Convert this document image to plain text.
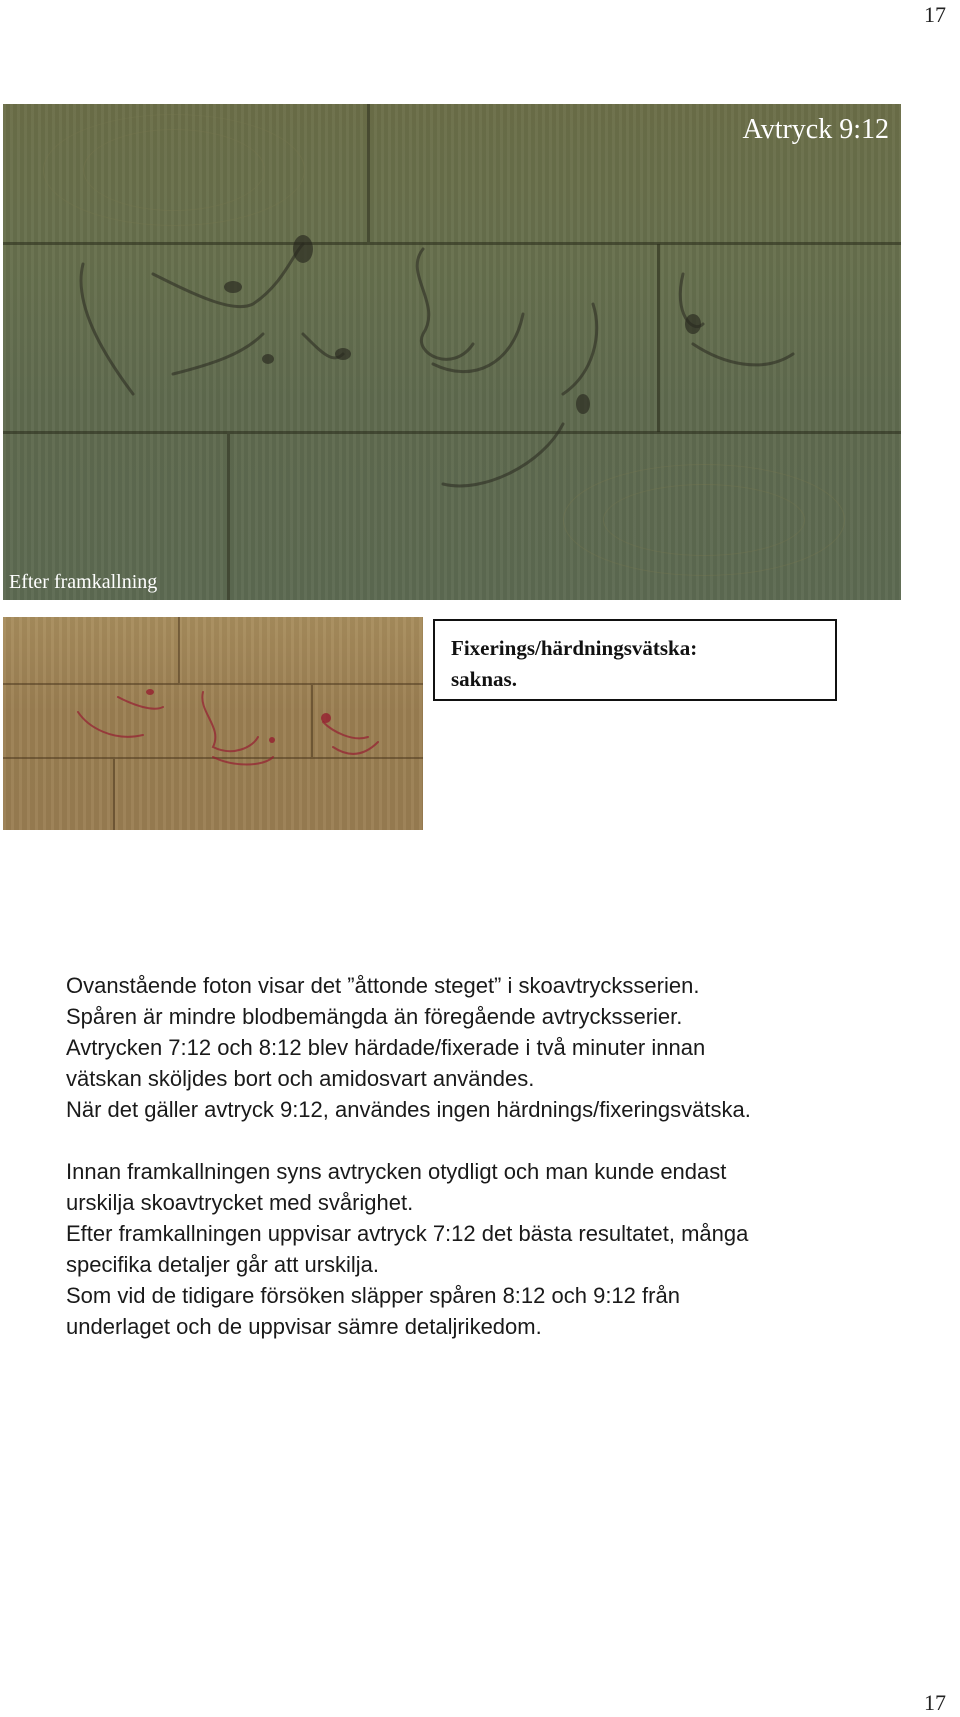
17
Avtryck 9:12
Efter framkallning
Fixerings/härdningsvätska:
saknas.

Ovanstående foton visar det ”åttonde steget” i skoavtrycksserien.

Spåren är mindre blodbemängda än föregående avtrycksserier.

Avtrycken 7:12 och 8:12 blev härdade/fixerade i två minuter innan

vätskan sköljdes bort och amidosvart användes.

När det gäller avtryck 9:12, användes ingen härdnings/fixeringsvätska.

Innan framkallningen syns avtrycken otydligt och man kunde endast

urskilja skoavtrycket med svårighet.

Efter framkallningen uppvisar avtryck 7:12 det bästa resultatet, många

specifika detaljer går att urskilja.

Som vid de tidigare försöken släpper spåren 8:12 och 9:12 från

underlaget och de uppvisar sämre detaljrikedom.

17
